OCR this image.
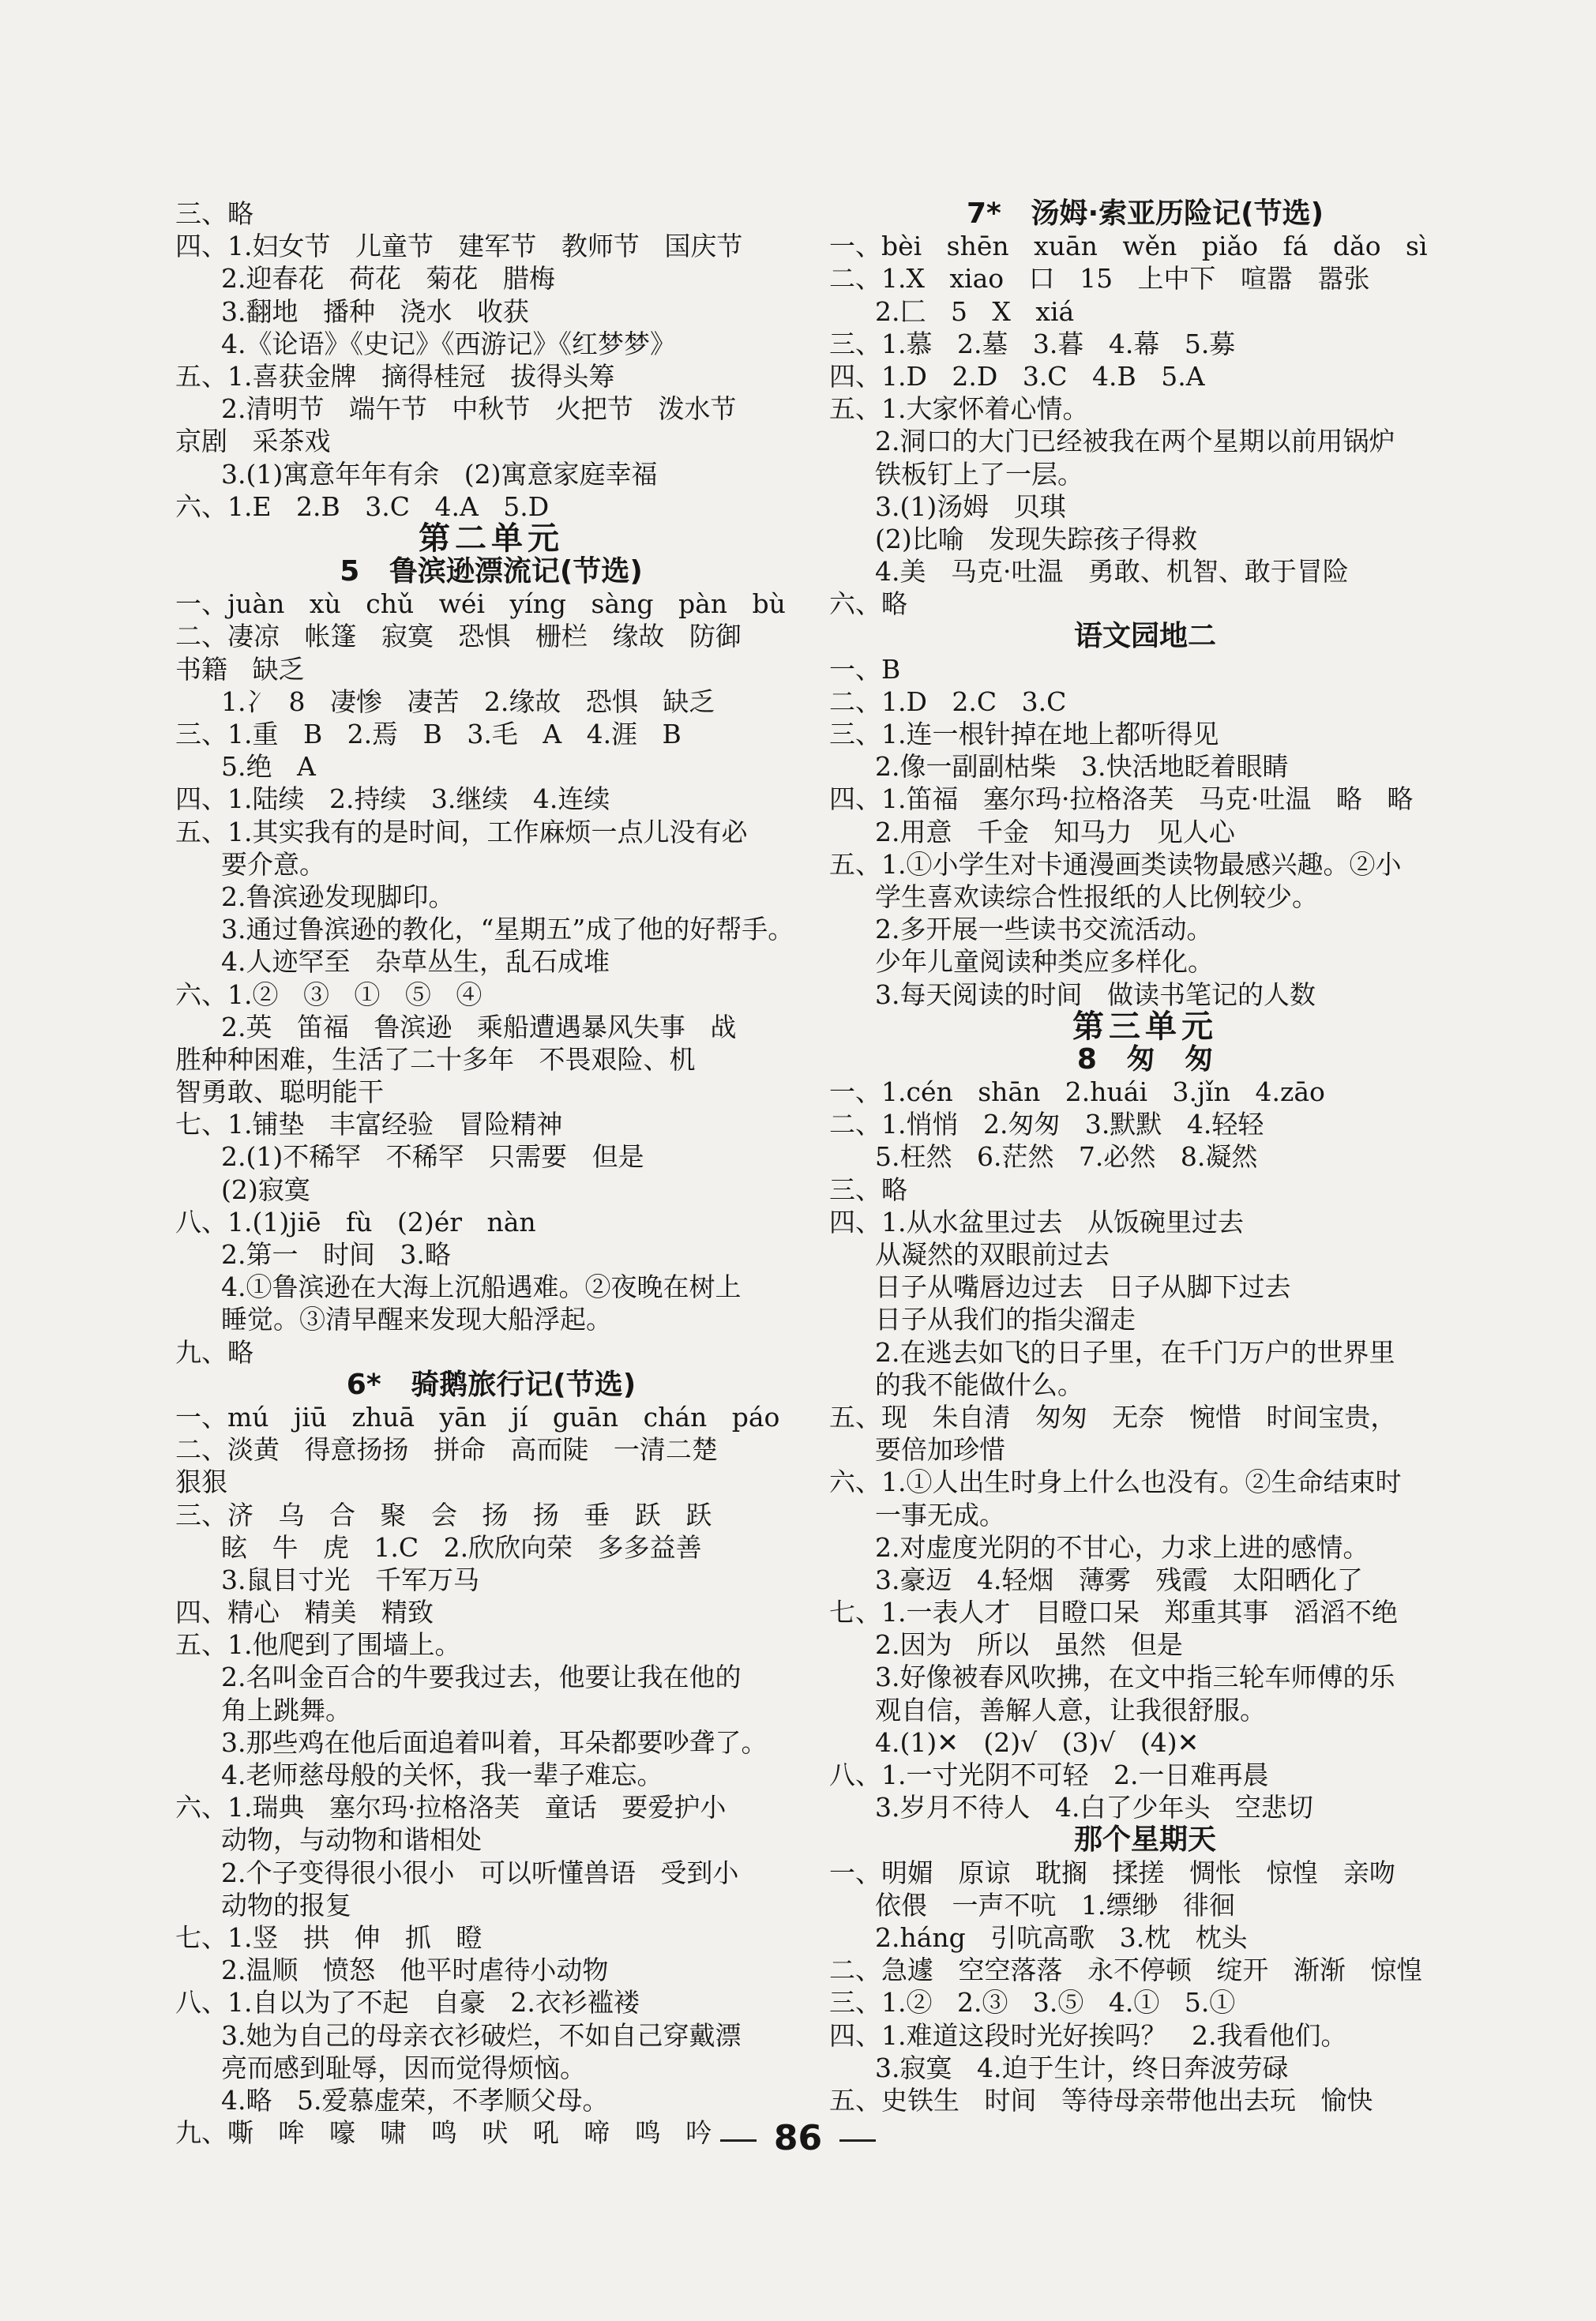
三、略
四、1.妇女节   儿童节   建军节   教师节   国庆节
2.迎春花   荷花   菊花   腊梅
3.翻地   播种   浇水   收获
4.《论语》《史记》《西游记》《红梦梦》
五、1.喜获金牌   摘得桂冠   拔得头筹
2.清明节   端午节   中秋节   火把节   泼水节
京剧   采茶戏
3.(1)寓意年年有余   (2)寓意家庭幸福
六、1.E   2.B   3.C   4.A   5.D
第二单元
5   鲁滨逊漂流记(节选)
一、juàn   xù   chǔ   wéi   yíng   sàng   pàn   bù
二、凄凉   帐篷   寂寞   恐惧   栅栏   缘故   防御
书籍   缺乏
1.冫  8   凄惨   凄苦   2.缘故   恐惧   缺乏
三、1.重   B   2.焉   B   3.毛   A   4.涯   B
5.绝   A
四、1.陆续   2.持续   3.继续   4.连续
五、1.其实我有的是时间，工作麻烦一点儿没有必
要介意。
2.鲁滨逊发现脚印。
3.通过鲁滨逊的教化，“星期五”成了他的好帮手。
4.人迹罕至   杂草丛生，乱石成堆
六、1.②   ③   ①   ⑤   ④
2.英   笛福   鲁滨逊   乘船遭遇暴风失事   战
胜种种困难，生活了二十多年   不畏艰险、机
智勇敢、聪明能干
七、1.铺垫   丰富经验   冒险精神
2.(1)不稀罕   不稀罕   只需要   但是
(2)寂寞
八、1.(1)jiē   fù   (2)ér   nàn
2.第一   时间   3.略
4.①鲁滨逊在大海上沉船遇难。②夜晚在树上
睡觉。③清早醒来发现大船浮起。
九、略
6*   骑鹅旅行记(节选)
一、mú   jiū   zhuā   yān   jí   guān   chán   páo
二、淡黄   得意扬扬   拼命   高而陡   一清二楚
狠狠
三、济   乌   合   聚   会   扬   扬   垂   跃   跃
眩   牛   虎   1.C   2.欣欣向荣   多多益善
3.鼠目寸光   千军万马
四、精心   精美   精致
五、1.他爬到了围墙上。
2.名叫金百合的牛要我过去，他要让我在他的
角上跳舞。
3.那些鸡在他后面追着叫着，耳朵都要吵聋了。
4.老师慈母般的关怀，我一辈子难忘。
六、1.瑞典   塞尔玛·拉格洛芙   童话   要爱护小
动物，与动物和谐相处
2.个子变得很小很小   可以听懂兽语   受到小
动物的报复
七、1.竖   拱   伸   抓   瞪
2.温顺   愤怒   他平时虐待小动物
八、1.自以为了不起   自豪   2.衣衫褴褛
3.她为自己的母亲衣衫破烂，不如自己穿戴漂
亮而感到耻辱，因而觉得烦恼。
4.略   5.爱慕虚荣，不孝顺父母。
九、嘶   哞   嚎   啸   鸣   吠   吼   啼   鸣   吟
7*   汤姆·索亚历险记(节选)
一、bèi   shēn   xuān   wěn   piǎo   fá   dǎo   sì
二、1.X   xiao   口   15   上中下   喧嚣   嚣张
2.匚   5   X   xiá
三、1.慕   2.墓   3.暮   4.幕   5.募
四、1.D   2.D   3.C   4.B   5.A
五、1.大家怀着心情。
2.洞口的大门已经被我在两个星期以前用锅炉
铁板钉上了一层。
3.(1)汤姆   贝琪
(2)比喻   发现失踪孩子得救
4.美   马克·吐温   勇敢、机智、敢于冒险
六、略
语文园地二
一、B
二、1.D   2.C   3.C
三、1.连一根针掉在地上都听得见
2.像一副副枯柴   3.快活地眨着眼睛
四、1.笛福   塞尔玛·拉格洛芙   马克·吐温   略   略
2.用意   千金   知马力   见人心
五、1.①小学生对卡通漫画类读物最感兴趣。②小
学生喜欢读综合性报纸的人比例较少。
2.多开展一些读书交流活动。
少年儿童阅读种类应多样化。
3.每天阅读的时间   做读书笔记的人数
第三单元
8   匆   匆
一、1.cén   shān   2.huái   3.jǐn   4.zāo
二、1.悄悄   2.匆匆   3.默默   4.轻轻
5.枉然   6.茫然   7.必然   8.凝然
三、略
四、1.从水盆里过去   从饭碗里过去
从凝然的双眼前过去
日子从嘴唇边过去   日子从脚下过去
日子从我们的指尖溜走
2.在逃去如飞的日子里，在千门万户的世界里
的我不能做什么。
五、现   朱自清   匆匆   无奈   惋惜   时间宝贵，
要倍加珍惜
六、1.①人出生时身上什么也没有。②生命结束时
一事无成。
2.对虚度光阴的不甘心，力求上进的感情。
3.豪迈   4.轻烟   薄雾   残霞   太阳晒化了
七、1.一表人才   目瞪口呆   郑重其事   滔滔不绝
2.因为   所以   虽然   但是
3.好像被春风吹拂，在文中指三轮车师傅的乐
观自信，善解人意，让我很舒服。
4.(1)✕   (2)√   (3)√   (4)✕
八、1.一寸光阴不可轻   2.一日难再晨
3.岁月不待人   4.白了少年头   空悲切
那个星期天
一、明媚   原谅   耽搁   揉搓   惆怅   惊惶   亲吻
依偎   一声不吭   1.缥缈   徘徊
2.háng   引吭高歌   3.枕   枕头
二、急遽   空空落落   永不停顿   绽开   渐渐   惊惶
三、1.②   2.③   3.⑤   4.①   5.①
四、1.难道这段时光好挨吗？   2.我看他们。
3.寂寞   4.迫于生计，终日奔波劳碌
五、史铁生   时间   等待母亲带他出去玩   愉快
86
